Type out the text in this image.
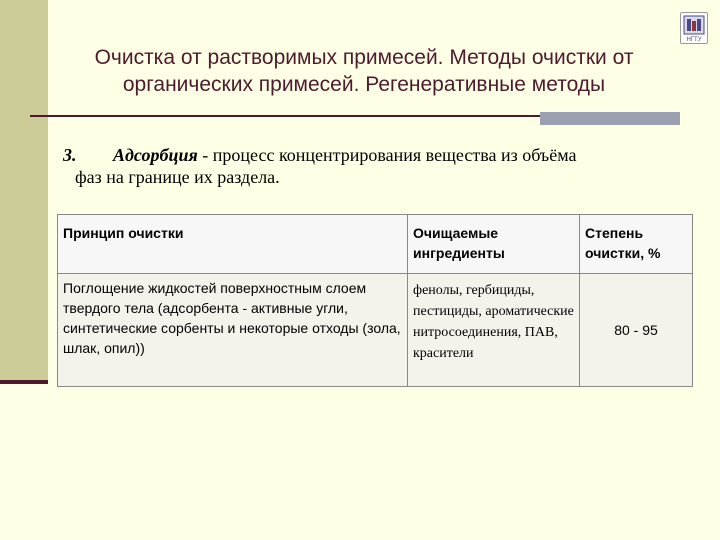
НГТУ
Очистка от растворимых примесей. Методы очистки от
органических примесей. Регенеративные методы
3. Адсорбция - процесс концентрирования вещества из объёма
фаз на границе их раздела.
Принцип очистки	Очищаемые ингредиенты	Степень очистки, %
Поглощение жидкостей поверхностным слоем твердого тела (адсорбента - активные угли, синтетические сорбенты и некоторые отходы (зола, шлак, опил))	фенолы, гербициды, пестициды, ароматические нитросоединения, ПАВ, красители	80 - 95
